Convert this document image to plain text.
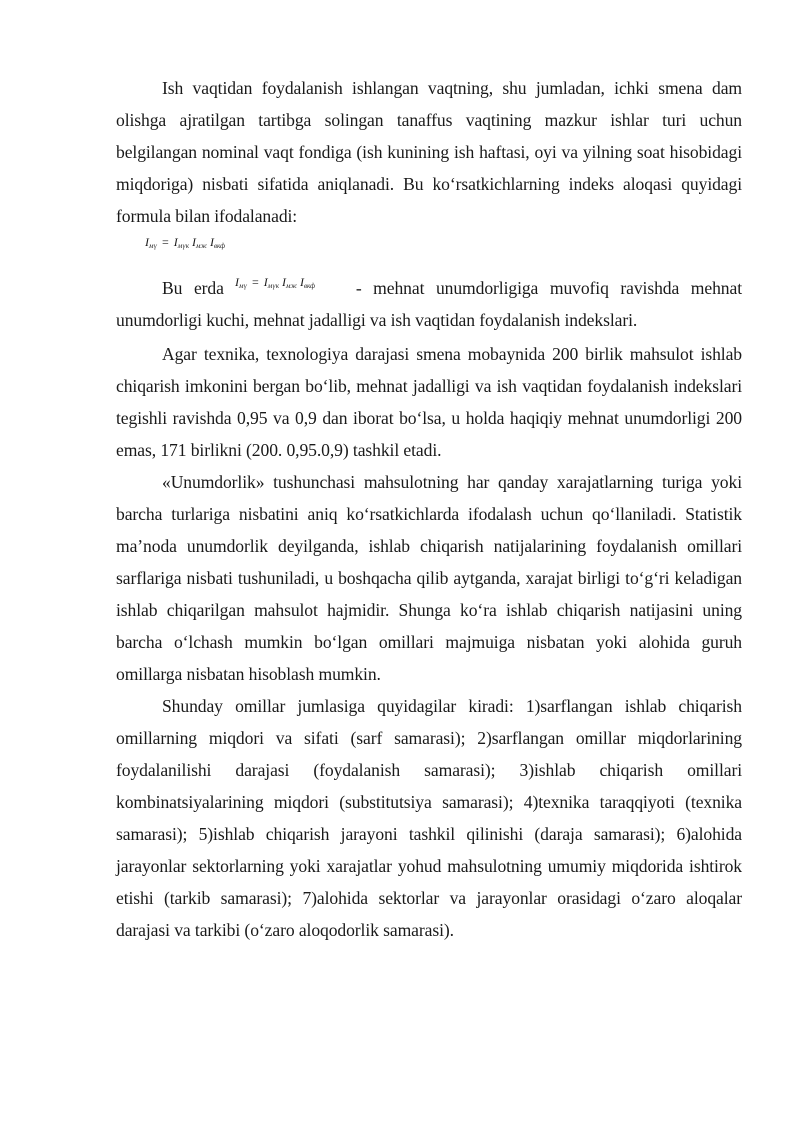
Ish vaqtidan foydalanish ishlangan vaqtning, shu jumladan, ichki smena dam olishga ajratilgan tartibga solingan tanaffus vaqtining mazkur ishlar turi uchun belgilangan nominal vaqt fondiga (ish kunining ish haftasi, oyi va yilning soat hisobidagi miqdoriga) nisbati sifatida aniqlanadi. Bu ko‘rsatkichlarning indeks aloqasi quyidagi formula bilan ifodalanadi:

$I_{мү} = I_{мүк}$ $I_{мж}$ $I_{вкф}$

Bu erda	- mehnat unumdorligiga muvofiq ravishda mehnat unumdorligi kuchi, mehnat jadalligi va ish vaqtidan foydalanish indekslari.

$I_{мү} = I_{мүк}$ $I_{мж}$ $I_{вкф}$

Agar texnika, texnologiya darajasi smena mobaynida 200 birlik mahsulot ishlab chiqarish imkonini bergan bo‘lib, mehnat jadalligi va ish vaqtidan foydalanish indekslari tegishli ravishda 0,95 va 0,9 dan iborat bo‘lsa, u holda haqiqiy mehnat unumdorligi 200 emas, 171 birlikni (200. 0,95.0,9) tashkil etadi.

«Unumdorlik» tushunchasi mahsulotning har qanday xarajatlarning turiga yoki barcha turlariga nisbatini aniq ko‘rsatkichlarda ifodalash uchun qo‘llaniladi. Statistik ma’noda unumdorlik deyilganda, ishlab chiqarish natijalarining foydalanish omillari sarflariga nisbati tushuniladi, u boshqacha qilib aytganda, xarajat birligi to‘g‘ri keladigan ishlab chiqarilgan mahsulot hajmidir. Shunga ko‘ra ishlab chiqarish natijasini uning barcha o‘lchash mumkin bo‘lgan omillari majmuiga nisbatan yoki alohida guruh omillarga nisbatan hisoblash mumkin.

Shunday omillar jumlasiga quyidagilar kiradi: 1)sarflangan ishlab chiqarish omillarning miqdori va sifati (sarf samarasi); 2)sarflangan omillar miqdorlarining foydalanilishi darajasi (foydalanish samarasi); 3)ishlab chiqarish omillari kombinatsiyalarining miqdori (substitutsiya samarasi); 4)texnika taraqqiyoti (texnika samarasi); 5)ishlab chiqarish jarayoni tashkil qilinishi (daraja samarasi); 6)alohida jarayonlar sektorlarning yoki xarajatlar yohud mahsulotning umumiy miqdorida ishtirok etishi (tarkib samarasi); 7)alohida sektorlar va jarayonlar orasidagi o‘zaro aloqalar darajasi va tarkibi (o‘zaro aloqodorlik samarasi).
